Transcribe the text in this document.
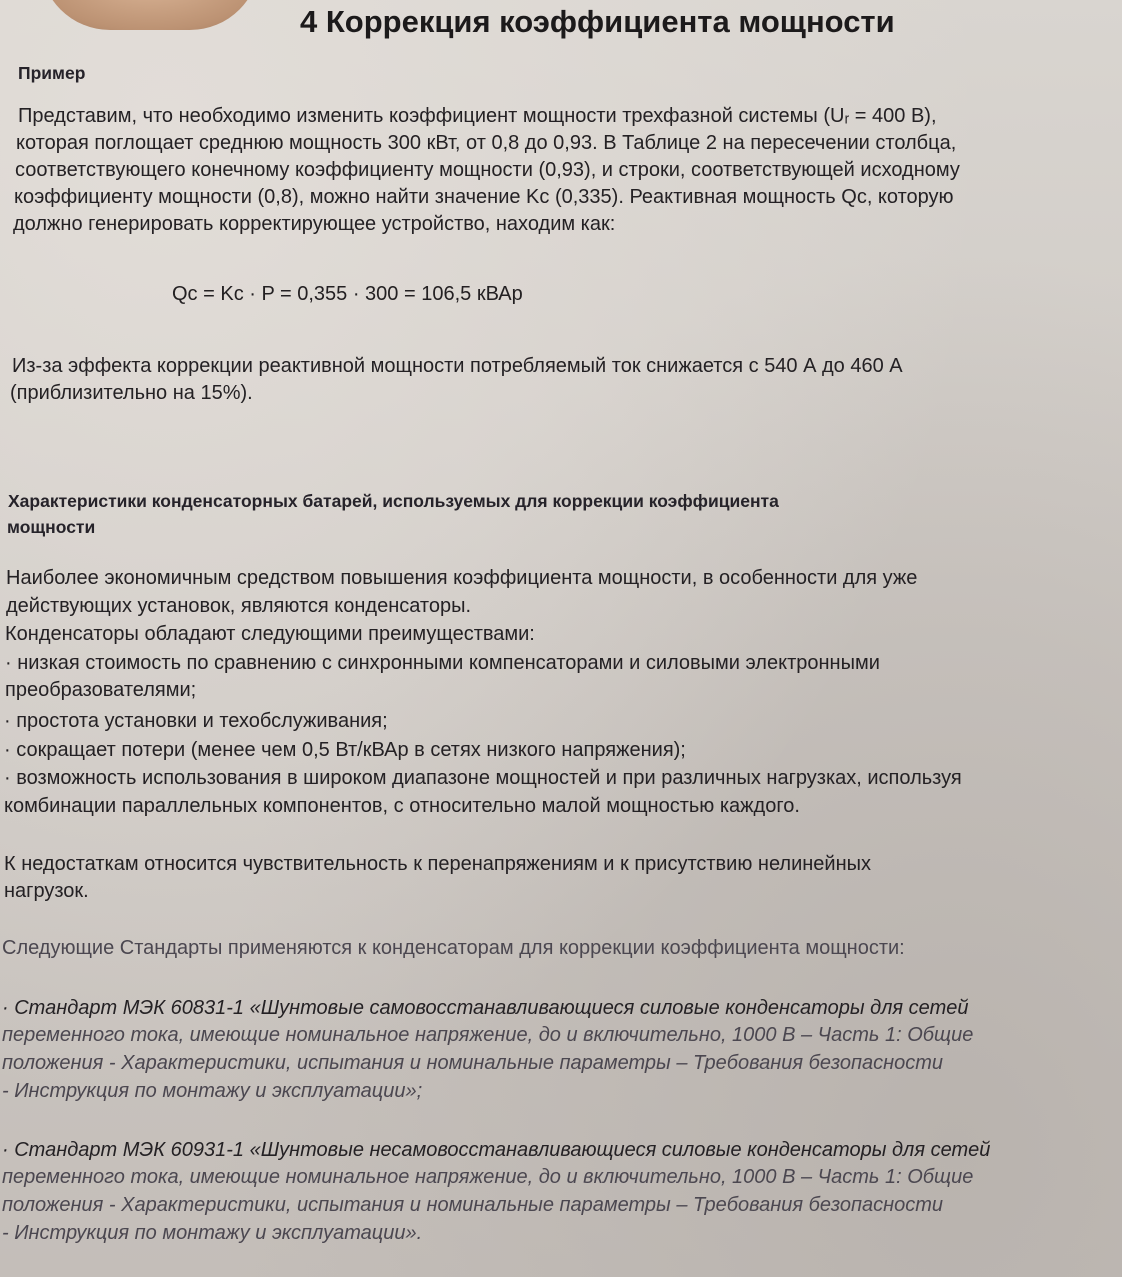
4 Коррекция коэффициента мощности
Пример
Представим, что необходимо изменить коэффициент мощности трехфазной системы (Uᵣ = 400 В),
которая поглощает среднюю мощность 300 кВт, от 0,8 до 0,93. В Таблице 2 на пересечении столбца,
соответствующего конечному коэффициенту мощности (0,93), и строки, соответствующей исходному
коэффициенту мощности (0,8), можно найти значение Kᴄ (0,335). Реактивная мощность Qᴄ, которую
должно генерировать корректирующее устройство, находим как:
Qc = Kc · P = 0,355 · 300 = 106,5 кВАр
Из-за эффекта коррекции реактивной мощности потребляемый ток снижается с 540 А до 460 А
(приблизительно на 15%).
Характеристики конденсаторных батарей, используемых для коррекции коэффициента
мощности
Наиболее экономичным средством повышения коэффициента мощности, в особенности для уже
действующих установок, являются конденсаторы.
Конденсаторы обладают следующими преимуществами:
· низкая стоимость по сравнению с синхронными компенсаторами и силовыми электронными
преобразователями;
· простота установки и техобслуживания;
· сокращает потери (менее чем 0,5 Вт/кВАр в сетях низкого напряжения);
· возможность использования в широком диапазоне мощностей и при различных нагрузках, используя
комбинации параллельных компонентов, с относительно малой мощностью каждого.
К недостаткам относится чувствительность к перенапряжениям и к присутствию нелинейных
нагрузок.
Следующие Стандарты применяются к конденсаторам для коррекции коэффициента мощности:
· Стандарт МЭК 60831-1 «Шунтовые самовосстанавливающиеся силовые конденсаторы для сетей
переменного тока, имеющие номинальное напряжение, до и включительно, 1000 В – Часть 1: Общие
положения - Характеристики, испытания и номинальные параметры – Требования безопасности
- Инструкция по монтажу и эксплуатации»;
· Стандарт МЭК 60931-1 «Шунтовые несамовосстанавливающиеся силовые конденсаторы для сетей
переменного тока, имеющие номинальное напряжение, до и включительно, 1000 В – Часть 1: Общие
положения - Характеристики, испытания и номинальные параметры – Требования безопасности
- Инструкция по монтажу и эксплуатации».
